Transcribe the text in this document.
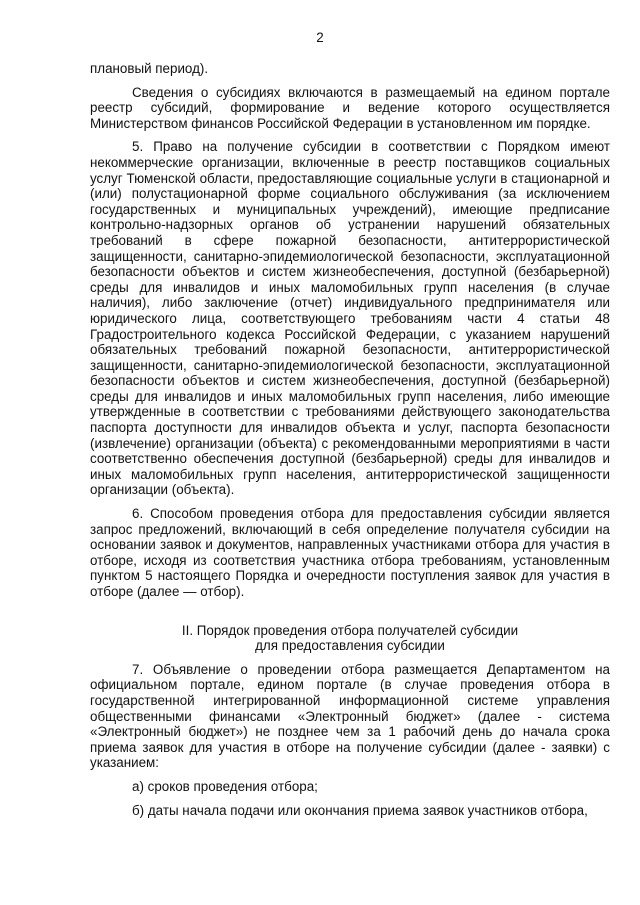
2

плановый период).

Сведения о субсидиях включаются в размещаемый на едином портале реестр субсидий, формирование и ведение которого осуществляется Министерством финансов Российской Федерации в установленном им порядке.

5. Право на получение субсидии в соответствии с Порядком имеют некоммерческие организации, включенные в реестр поставщиков социальных услуг Тюменской области, предоставляющие социальные услуги в стационарной и (или) полустационарной форме социального обслуживания (за исключением государственных и муниципальных учреждений), имеющие предписание контрольно-надзорных органов об устранении нарушений обязательных требований в сфере пожарной безопасности, антитеррористической защищенности, санитарно-эпидемиологической безопасности, эксплуатационной безопасности объектов и систем жизнеобеспечения, доступной (безбарьерной) среды для инвалидов и иных маломобильных групп населения (в случае наличия), либо заключение (отчет) индивидуального предпринимателя или юридического лица, соответствующего требованиям части 4 статьи 48 Градостроительного кодекса Российской Федерации, с указанием нарушений обязательных требований пожарной безопасности, антитеррористической защищенности, санитарно-эпидемиологической безопасности, эксплуатационной безопасности объектов и систем жизнеобеспечения, доступной (безбарьерной) среды для инвалидов и иных маломобильных групп населения, либо имеющие утвержденные в соответствии с требованиями действующего законодательства паспорта доступности для инвалидов объекта и услуг, паспорта безопасности (извлечение) организации (объекта) с рекомендованными мероприятиями в части соответственно обеспечения доступной (безбарьерной) среды для инвалидов и иных маломобильных групп населения, антитеррористической защищенности организации (объекта).

6. Способом проведения отбора для предоставления субсидии является запрос предложений, включающий в себя определение получателя субсидии на основании заявок и документов, направленных участниками отбора для участия в отборе, исходя из соответствия участника отбора требованиям, установленным пунктом 5 настоящего Порядка и очередности поступления заявок для участия в отборе (далее — отбор).

II. Порядок проведения отбора получателей субсидии
для предоставления субсидии

7. Объявление о проведении отбора размещается Департаментом на официальном портале, едином портале (в случае проведения отбора в государственной интегрированной информационной системе управления общественными финансами «Электронный бюджет» (далее - система «Электронный бюджет») не позднее чем за 1 рабочий день до начала срока приема заявок для участия в отборе на получение субсидии (далее - заявки) с указанием:

а) сроков проведения отбора;

б) даты начала подачи или окончания приема заявок участников отбора,
